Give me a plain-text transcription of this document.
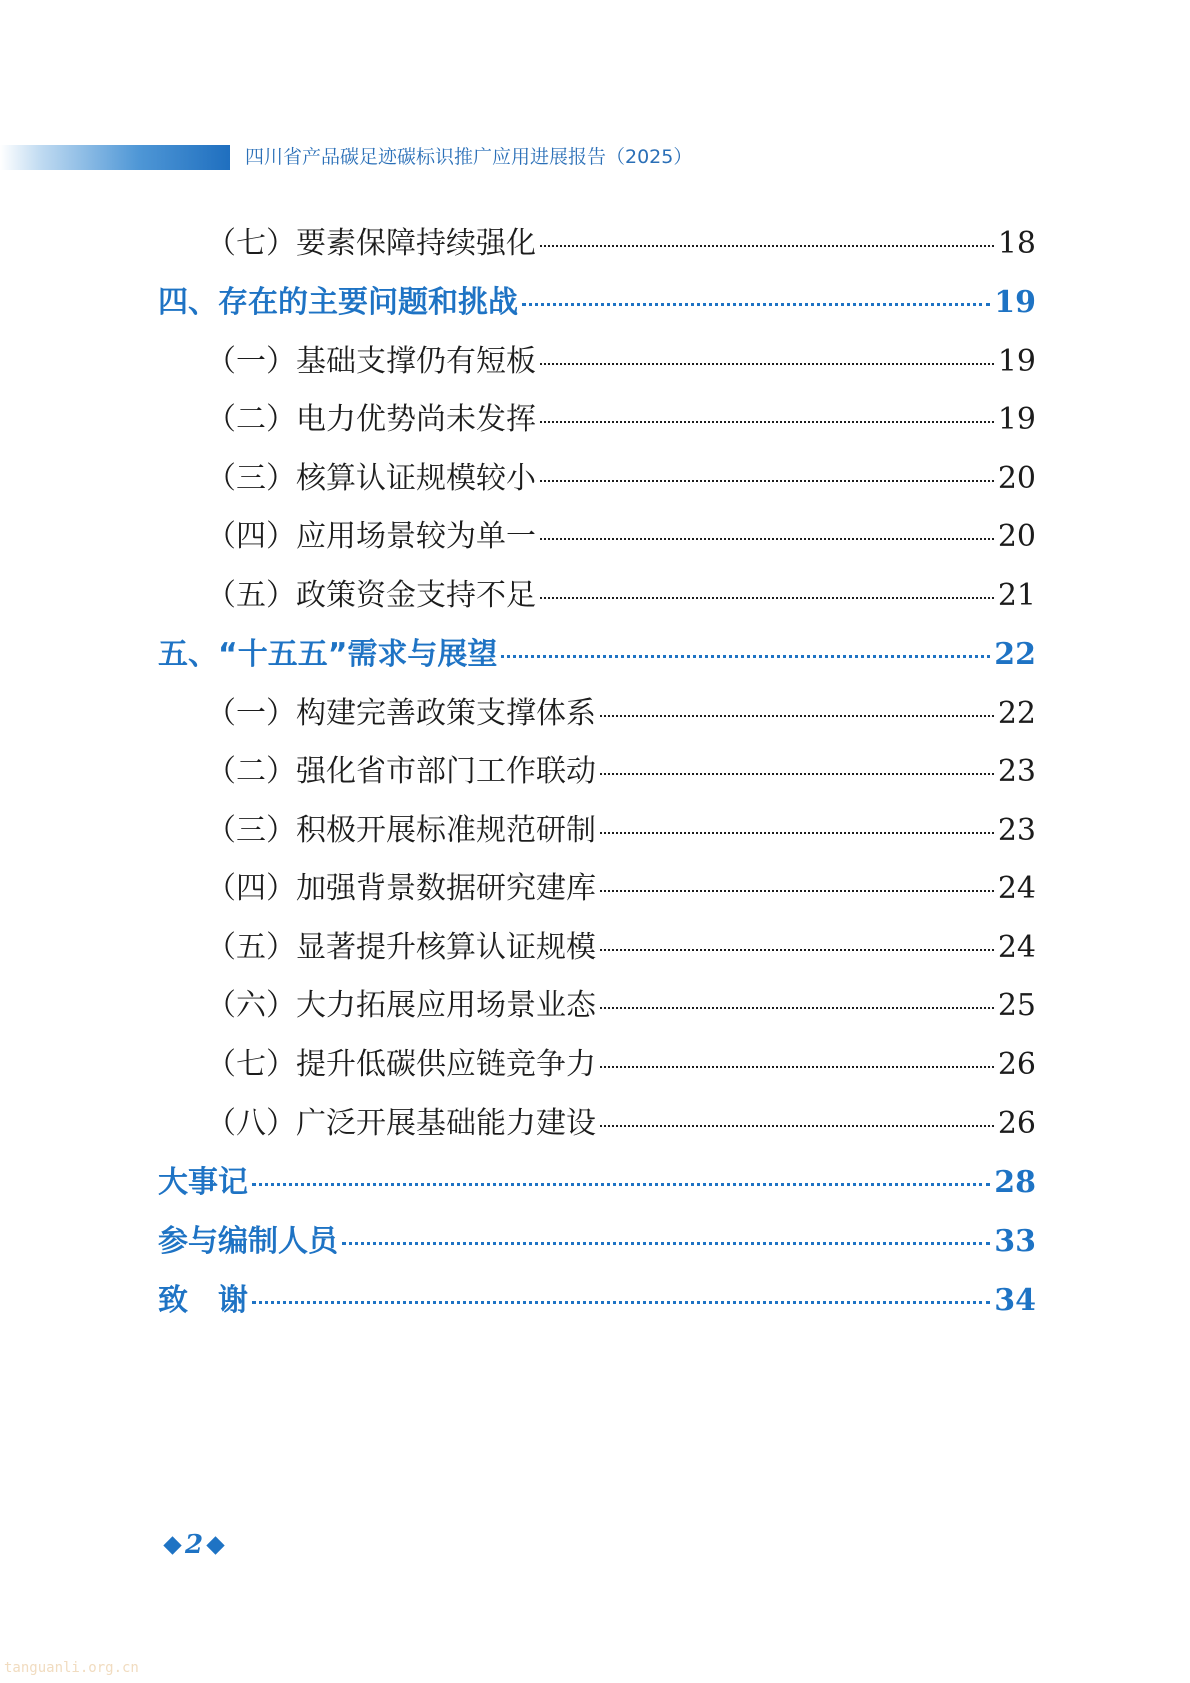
四川省产品碳足迹碳标识推广应用进展报告（2025）
（七）要素保障持续强化	18
四、存在的主要问题和挑战	19
（一）基础支撑仍有短板	19
（二）电力优势尚未发挥	19
（三）核算认证规模较小	20
（四）应用场景较为单一	20
（五）政策资金支持不足	21
五、“十五五”需求与展望	22
（一）构建完善政策支撑体系	22
（二）强化省市部门工作联动	23
（三）积极开展标准规范研制	23
（四）加强背景数据研究建库	24
（五）显著提升核算认证规模	24
（六）大力拓展应用场景业态	25
（七）提升低碳供应链竞争力	26
（八）广泛开展基础能力建设	26
大事记	28
参与编制人员	33
致　谢	34
2
tanguanli.org.cn
